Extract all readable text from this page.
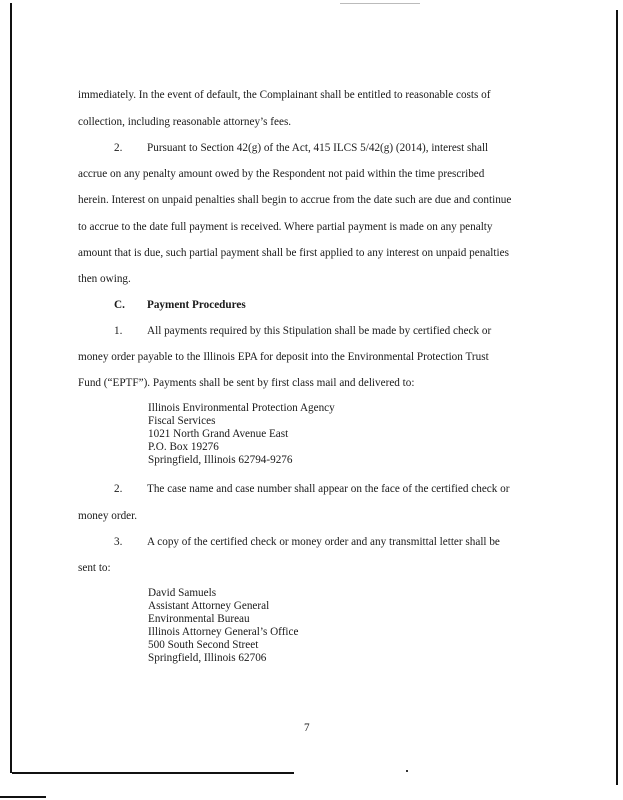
immediately. In the event of default, the Complainant shall be entitled to reasonable costs of
collection, including reasonable attorney’s fees.
2. Pursuant to Section 42(g) of the Act, 415 ILCS 5/42(g) (2014), interest shall
accrue on any penalty amount owed by the Respondent not paid within the time prescribed
herein. Interest on unpaid penalties shall begin to accrue from the date such are due and continue
to accrue to the date full payment is received. Where partial payment is made on any penalty
amount that is due, such partial payment shall be first applied to any interest on unpaid penalties
then owing.
C. Payment Procedures
1. All payments required by this Stipulation shall be made by certified check or
money order payable to the Illinois EPA for deposit into the Environmental Protection Trust
Fund (“EPTF”). Payments shall be sent by first class mail and delivered to:
Illinois Environmental Protection Agency
Fiscal Services
1021 North Grand Avenue East
P.O. Box 19276
Springfield, Illinois 62794-9276
2. The case name and case number shall appear on the face of the certified check or
money order.
3. A copy of the certified check or money order and any transmittal letter shall be
sent to:
David Samuels
Assistant Attorney General
Environmental Bureau
Illinois Attorney General’s Office
500 South Second Street
Springfield, Illinois 62706
7
